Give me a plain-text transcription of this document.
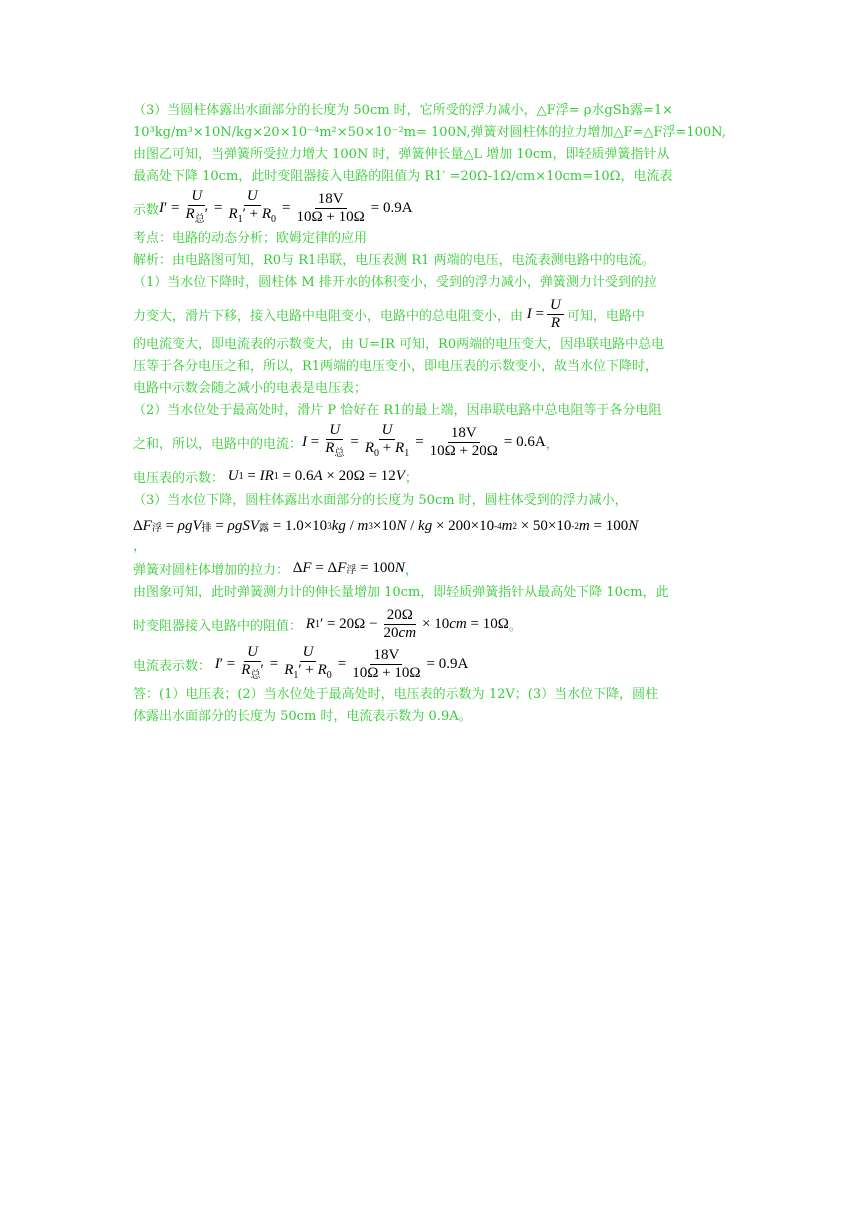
（3）当圆柱体露出水面部分的长度为 50cm 时，它所受的浮力减小，△F浮= ρ水gSh露=1×
10³kg/m³×10N/kg×20×10⁻⁴m²×50×10⁻²m= 100N,弹簧对圆柱体的拉力增加△F=△F浮=100N,
由图乙可知，当弹簧所受拉力增大 100N 时，弹簧伸长量△L 增加 10cm，即轻质弹簧指针从
最高处下降 10cm，此时变阻器接入电路的阻值为 R1′ =20Ω-1Ω/cm×10cm=10Ω，电流表
示数 I ′ = $\frac{U}{R_总'} = \frac{U}{R_1' + R_0} = \frac{18V}{10\Omega + 10\Omega} = 0.9A$
考点：电路的动态分析；欧姆定律的应用
解析：由电路图可知，R0与 R1串联，电压表测 R1 两端的电压，电流表测电路中的电流。
（1）当水位下降时，圆柱体 M 排开水的体积变小，受到的浮力减小，弹簧测力计受到的拉
力变大，滑片下移，接入电路中电阻变小，电路中的总电阻变小，由
$I = \frac{U}{R}$ 可知，电路中
的电流变大，即电流表的示数变大，由 U=IR 可知，R0两端的电压变大，因串联电路中总电
压等于各分电压之和，所以，R1两端的电压变小，即电压表的示数变小，故当水位下降时，
电路中示数会随之减小的电表是电压表；
（2）当水位处于最高处时，滑片 P 恰好在 R1的最上端，因串联电路中总电阻等于各分电阻
之和，所以，电路中的电流： $I = \frac{U}{R_总} = \frac{U}{R_0 + R_1} = \frac{18V}{10\Omega + 20\Omega} = 0.6A$ ，
电压表的示数：
U 1 = IR 1 = 0.6 A × 20Ω = 12 V ；
（3）当水位下降，圆柱体露出水面部分的长度为 50cm 时，圆柱体受到的浮力减小，
Δ F 浮 = ρgV 排 = ρgSV 露 = 1.0×10 3 kg / m 3 ×10 N / kg × 200×10 -4 m 2 × 50×10 -2 m = 100 N
，
弹簧对圆柱体增加的拉力： Δ F = Δ F 浮 = 100 N ，
由图象可知，此时弹簧测力计的伸长量增加 10cm，即轻质弹簧指针从最高处下降 10cm，此
时变阻器接入电路中的阻值：
R 1 ′ = $20\Omega - \frac{20\Omega}{20cm} \times 10$ cm = 10Ω 。
电流表示数：
I ′ = $\frac{U}{R_总'} = \frac{U}{R_1' + R_0} = \frac{18V}{10\Omega + 10\Omega} = 0.9A$
答：(1）电压表；(2）当水位处于最高处时，电压表的示数为 12V；(3）当水位下降，圆柱
体露出水面部分的长度为 50cm 时，电流表示数为 0.9A。
